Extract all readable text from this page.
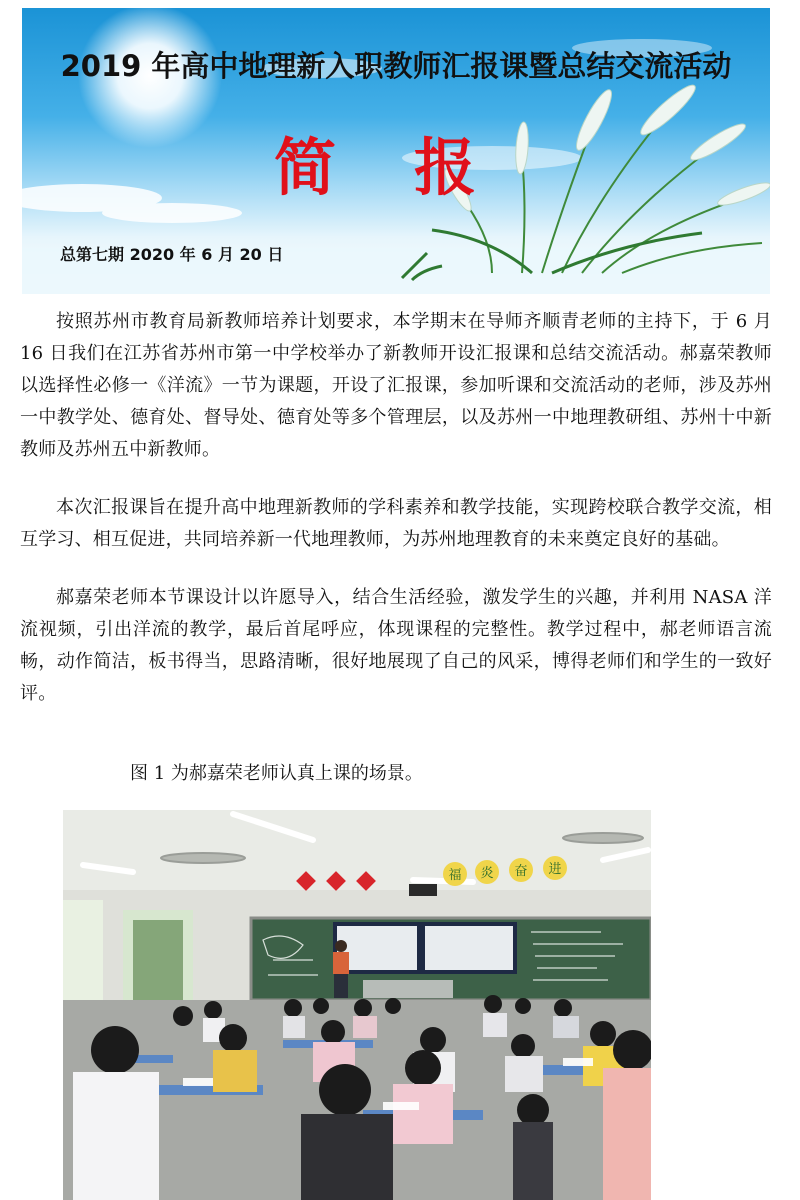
2019 年高中地理新入职教师汇报课暨总结交流活动
简报
总第七期 2020 年 6 月 20 日

按照苏州市教育局新教师培养计划要求，本学期末在导师齐顺青老师的主持下，于 6 月 16 日我们在江苏省苏州市第一中学校举办了新教师开设汇报课和总结交流活动。郝嘉荣教师以选择性必修一《洋流》一节为课题，开设了汇报课，参加听课和交流活动的老师，涉及苏州一中教学处、德育处、督导处、德育处等多个管理层，以及苏州一中地理教研组、苏州十中新教师及苏州五中新教师。

本次汇报课旨在提升高中地理新教师的学科素养和教学技能，实现跨校联合教学交流，相互学习、相互促进，共同培养新一代地理教师，为苏州地理教育的未来奠定良好的基础。

郝嘉荣老师本节课设计以许愿导入，结合生活经验，激发学生的兴趣，并利用 NASA 洋流视频，引出洋流的教学，最后首尾呼应，体现课程的完整性。教学过程中，郝老师语言流畅，动作简洁，板书得当，思路清晰，很好地展现了自己的风采，博得老师们和学生的一致好评。

图 1 为郝嘉荣老师认真上课的场景。
福 炎 奋 进
